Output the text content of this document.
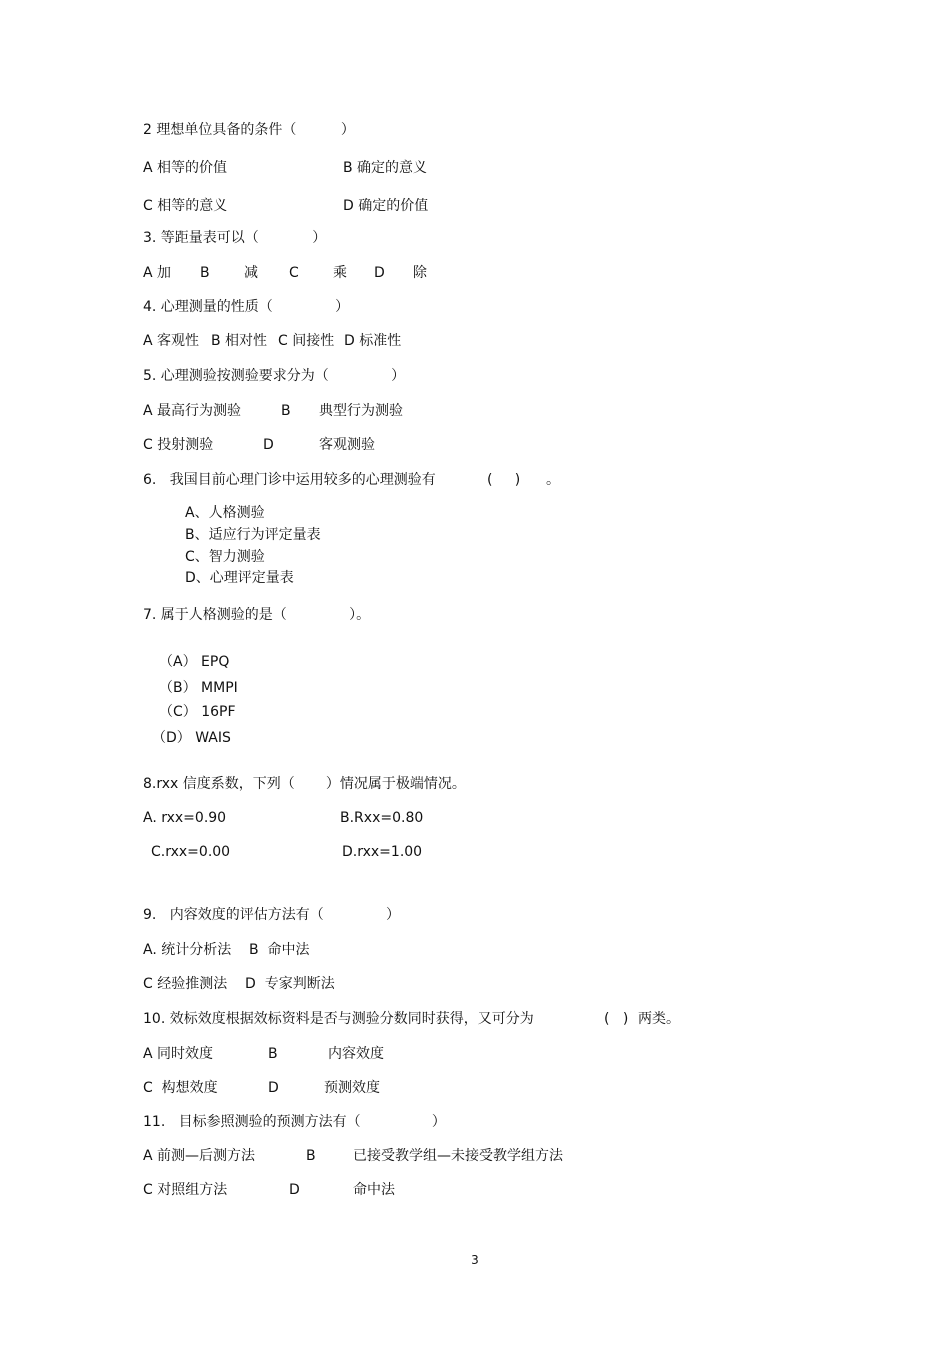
2 理想单位具备的条件（          ）
A 相等的价值	B 确定的意义
C 相等的意义	D 确定的价值
3. 等距量表可以（            ）
A 加 B 减 C 乘 D 除
4. 心理测量的性质（              ）
A 客观性 B 相对性 C 间接性 D 标准性
5. 心理测验按测验要求分为（              ）
A 最高行为测验	B 典型行为测验
C 投射测验	D	客观测验
6.   我国目前心理门诊中运用较多的心理测验有	(     ) 。
A、人格测验
B、适应行为评定量表
C、智力测验
D、心理评定量表
7. 属于人格测验的是（              ）。
（A） EPQ
（B） MMPI
（C） 16PF
（D） WAIS
8.rxx 信度系数，下列（       ）情况属于极端情况。
A. rxx=0.90	B.Rxx=0.80
C.rxx=0.00	D.rxx=1.00
9.   内容效度的评估方法有（              ）
A. 统计分析法    B  命中法
C 经验推测法    D  专家判断法
10. 效标效度根据效标资料是否与测验分数同时获得，又可分为	(   ) 两类。
A 同时效度	B	内容效度
C  构想效度	D	预测效度
11.   目标参照测验的预测方法有（                ）
A 前测—后测方法	B	已接受教学组—未接受教学组方法
C 对照组方法	D	命中法
3
